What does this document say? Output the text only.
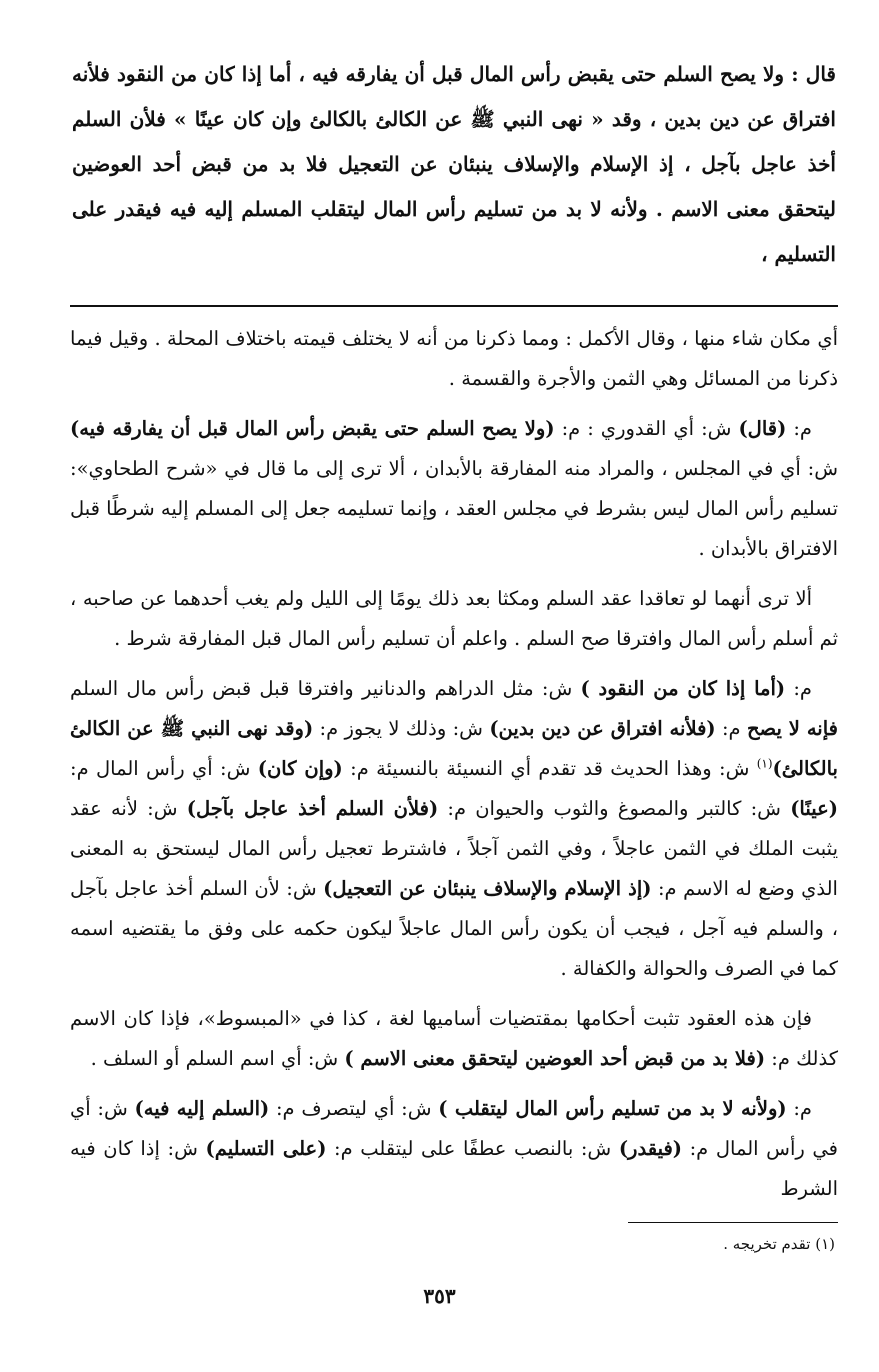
قال : ولا يصح السلم حتى يقبض رأس المال قبل أن يفارقه فيه ، أما إذا كان من النقود فلأنه افتراق عن دين بدين ، وقد « نهى النبي ﷺ عن الكالئ بالكالئ وإن كان عينًا » فلأن السلم أخذ عاجل بآجل ، إذ الإسلام والإسلاف ينبئان عن التعجيل فلا بد من قبض أحد العوضين ليتحقق معنى الاسم . ولأنه لا بد من تسليم رأس المال ليتقلب المسلم إليه فيه فيقدر على التسليم ،

أي مكان شاء منها ، وقال الأكمل : ومما ذكرنا من أنه لا يختلف قيمته باختلاف المحلة . وقيل فيما ذكرنا من المسائل وهي الثمن والأجرة والقسمة .

م: (قال) ش: أي القدوري : م: (ولا يصح السلم حتى يقبض رأس المال قبل أن يفارقه فيه) ش: أي في المجلس ، والمراد منه المفارقة بالأبدان ، ألا ترى إلى ما قال في «شرح الطحاوي»: تسليم رأس المال ليس بشرط في مجلس العقد ، وإنما تسليمه جعل إلى المسلم إليه شرطًا قبل الافتراق بالأبدان .

ألا ترى أنهما لو تعاقدا عقد السلم ومكثا بعد ذلك يومًا إلى الليل ولم يغب أحدهما عن صاحبه ، ثم أسلم رأس المال وافترقا صح السلم . واعلم أن تسليم رأس المال قبل المفارقة شرط .

م: (أما إذا كان من النقود ) ش: مثل الدراهم والدنانير وافترقا قبل قبض رأس مال السلم فإنه لا يصح م: (فلأنه افتراق عن دين بدين) ش: وذلك لا يجوز م: (وقد نهى النبي ﷺ عن الكالئ بالكالئ)$^{(١)}$ ش: وهذا الحديث قد تقدم أي النسيئة بالنسيئة م: (وإن كان) ش: أي رأس المال م: (عينًا) ش: كالتبر والمصوغ والثوب والحيوان م: (فلأن السلم أخذ عاجل بآجل) ش: لأنه عقد يثبت الملك في الثمن عاجلاً ، وفي الثمن آجلاً ، فاشترط تعجيل رأس المال ليستحق به المعنى الذي وضع له الاسم م: (إذ الإسلام والإسلاف ينبئان عن التعجيل) ش: لأن السلم أخذ عاجل بآجل ، والسلم فيه آجل ، فيجب أن يكون رأس المال عاجلاً ليكون حكمه على وفق ما يقتضيه اسمه كما في الصرف والحوالة والكفالة .

فإن هذه العقود تثبت أحكامها بمقتضيات أساميها لغة ، كذا في «المبسوط»، فإذا كان الاسم كذلك م: (فلا بد من قبض أحد العوضين ليتحقق معنى الاسم ) ش: أي اسم السلم أو السلف .

م: (ولأنه لا بد من تسليم رأس المال ليتقلب ) ش: أي ليتصرف م: (السلم إليه فيه) ش: أي في رأس المال م: (فيقدر) ش: بالنصب عطفًا على ليتقلب م: (على التسليم) ش: إذا كان فيه الشرط

(١) تقدم تخريجه .
٣٥٣
